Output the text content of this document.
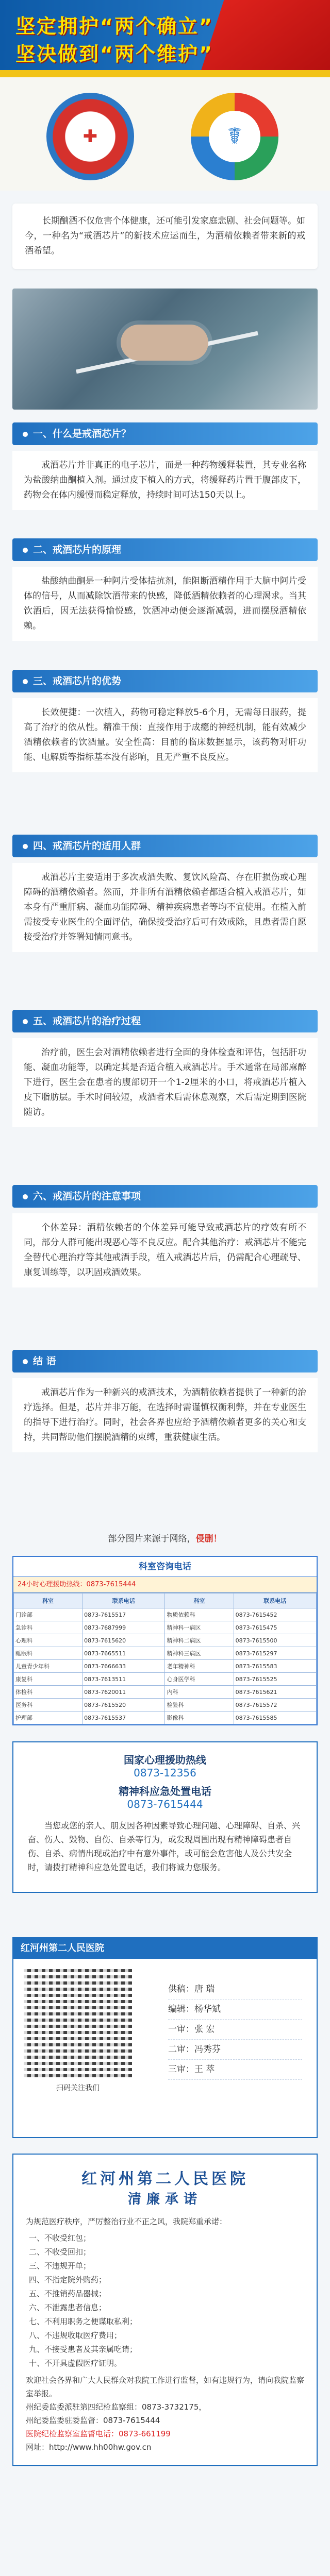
坚定拥护“两个确立”
坚决做到“两个维护”
✚	☤

长期酗酒不仅危害个体健康，还可能引发家庭悲剧、社会问题等。如今，一种名为“戒酒芯片”的新技术应运而生，为酒精依赖者带来新的戒酒希望。

一、什么是戒酒芯片？

戒酒芯片并非真正的电子芯片，而是一种药物缓释装置，其专业名称为盐酸纳曲酮植入剂。通过皮下植入的方式，将缓释药片置于腹部皮下，药物会在体内缓慢而稳定释放，持续时间可达150天以上。

二、戒酒芯片的原理

盐酸纳曲酮是一种阿片受体拮抗剂，能阻断酒精作用于大脑中阿片受体的信号，从而减除饮酒带来的快感，降低酒精依赖者的心理渴求。当其饮酒后，因无法获得愉悦感，饮酒冲动便会逐渐减弱，进而摆脱酒精依赖。

三、戒酒芯片的优势

长效便捷：一次植入，药物可稳定释放5-6个月，无需每日服药，提高了治疗的依从性。精准干预：直接作用于成瘾的神经机制，能有效减少酒精依赖者的饮酒量。安全性高：目前的临床数据显示，该药物对肝功能、电解质等指标基本没有影响，且无严重不良反应。

四、戒酒芯片的适用人群

戒酒芯片主要适用于多次戒酒失败、复饮风险高、存在肝损伤或心理障碍的酒精依赖者。然而，并非所有酒精依赖者都适合植入戒酒芯片，如本身有严重肝病、凝血功能障碍、精神疾病患者等均不宜使用。在植入前需接受专业医生的全面评估，确保接受治疗后可有效戒除，且患者需自愿接受治疗并签署知情同意书。

五、戒酒芯片的治疗过程

治疗前，医生会对酒精依赖者进行全面的身体检查和评估，包括肝功能、凝血功能等，以确定其是否适合植入戒酒芯片。手术通常在局部麻醉下进行，医生会在患者的腹部切开一个1-2厘米的小口，将戒酒芯片植入皮下脂肪层。手术时间较短，戒酒者术后需休息观察，术后需定期到医院随访。

六、戒酒芯片的注意事项

个体差异：酒精依赖者的个体差异可能导致戒酒芯片的疗效有所不同，部分人群可能出现恶心等不良反应。配合其他治疗：戒酒芯片不能完全替代心理治疗等其他戒酒手段，植入戒酒芯片后，仍需配合心理疏导、康复训练等，以巩固戒酒效果。

结 语

戒酒芯片作为一种新兴的戒酒技术，为酒精依赖者提供了一种新的治疗选择。但是，芯片并非万能，在选择时需谨慎权衡利弊，并在专业医生的指导下进行治疗。同时，社会各界也应给予酒精依赖者更多的关心和支持，共同帮助他们摆脱酒精的束缚，重获健康生活。

部分图片来源于网络，侵删！
科室咨询电话
24小时心理援助热线：0873-7615444
科室	联系电话	科室	联系电话
门诊部	0873-7615517	物质依赖科	0873-7615452
急诊科	0873-7687999	精神科一病区	0873-7615475
心理科	0873-7615620	精神科二病区	0873-7615500
睡眠科	0873-7665511	精神科三病区	0873-7615297
儿童青少年科	0873-7666633	老年精神科	0873-7615583
康复科	0873-7613511	心身医学科	0873-7615525
体检科	0873-7620011	内科	0873-7615621
医务科	0873-7615520	检验科	0873-7615572
护理部	0873-7615537	影像科	0873-7615585
国家心理援助热线
0873-12356
精神科应急处置电话
0873-7615444

当您或您的亲人、朋友因各种因素导致心理问题、心理障碍、自杀、兴奋、伤人、毁物、自伤、自杀等行为，或发现周围出现有精神障碍患者自伤、自杀、病情出现或治疗中有意外事件，或可能会危害他人及公共安全时，请拨打精神科应急处置电话，我们将诚力您服务。

红河州第二人民医院
扫码关注我们
供稿：唐 瑞
编辑：杨华斌
一审：张 宏
二审：冯秀芬
三审：王 萃
红河州第二人民医院
清廉承诺
为规范医疗秩序，严厉整治行业不正之风，我院郑重承诺：
一、不收受红包；
二、不收受回扣；
三、不违规开单；
四、不指定院外购药；
五、不推销药品器械；
六、不泄露患者信息；
七、不利用职务之便谋取私利；
八、不违规收取医疗费用；
九、不接受患者及其亲属吃请；
十、不开具虚假医疗证明。
欢迎社会各界和广大人民群众对我院工作进行监督，如有违规行为，请向我院监察室举报。
州纪委监委派驻第四纪检监察组：0873-3732175，
州纪委监委驻委监督：0873-7615444
医院纪检监察室监督电话：0873-661199
网址：http://www.hh00hw.gov.cn
